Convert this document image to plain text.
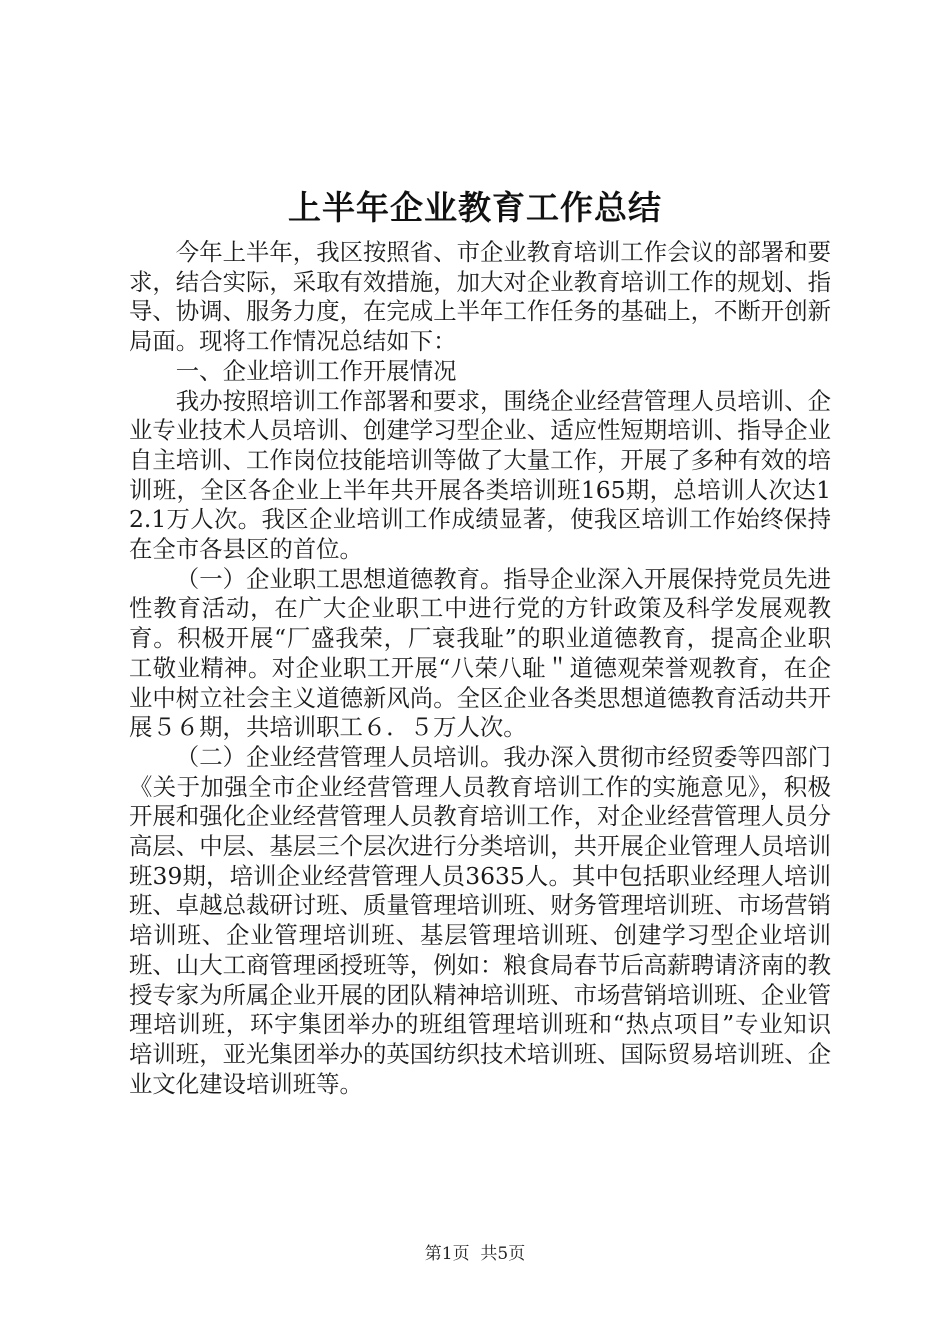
上半年企业教育工作总结

今年上半年，我区按照省、市企业教育培训工作会议的部署和要求，结合实际，采取有效措施，加大对企业教育培训工作的规划、指导、协调、服务力度，在完成上半年工作任务的基础上，不断开创新局面。现将工作情况总结如下：

一、企业培训工作开展情况

我办按照培训工作部署和要求，围绕企业经营管理人员培训、企业专业技术人员培训、创建学习型企业、适应性短期培训、指导企业自主培训、工作岗位技能培训等做了大量工作，开展了多种有效的培训班，全区各企业上半年共开展各类培训班165期，总培训人次达12.1万人次。我区企业培训工作成绩显著，使我区培训工作始终保持在全市各县区的首位。

（一）企业职工思想道德教育。指导企业深入开展保持党员先进性教育活动，在广大企业职工中进行党的方针政策及科学发展观教育。积极开展“厂盛我荣，厂衰我耻”的职业道德教育，提高企业职工敬业精神。对企业职工开展“八荣八耻＂道德观荣誉观教育，在企业中树立社会主义道德新风尚。全区企业各类思想道德教育活动共开展５６期，共培训职工６．５万人次。

（二）企业经营管理人员培训。我办深入贯彻市经贸委等四部门《关于加强全市企业经营管理人员教育培训工作的实施意见》，积极开展和强化企业经营管理人员教育培训工作，对企业经营管理人员分高层、中层、基层三个层次进行分类培训，共开展企业管理人员培训班39期，培训企业经营管理人员3635人。其中包括职业经理人培训班、卓越总裁研讨班、质量管理培训班、财务管理培训班、市场营销培训班、企业管理培训班、基层管理培训班、创建学习型企业培训班、山大工商管理函授班等，例如：粮食局春节后高薪聘请济南的教授专家为所属企业开展的团队精神培训班、市场营销培训班、企业管理培训班，环宇集团举办的班组管理培训班和“热点项目”专业知识培训班，亚光集团举办的英国纺织技术培训班、国际贸易培训班、企业文化建设培训班等。

第1页 共5页
